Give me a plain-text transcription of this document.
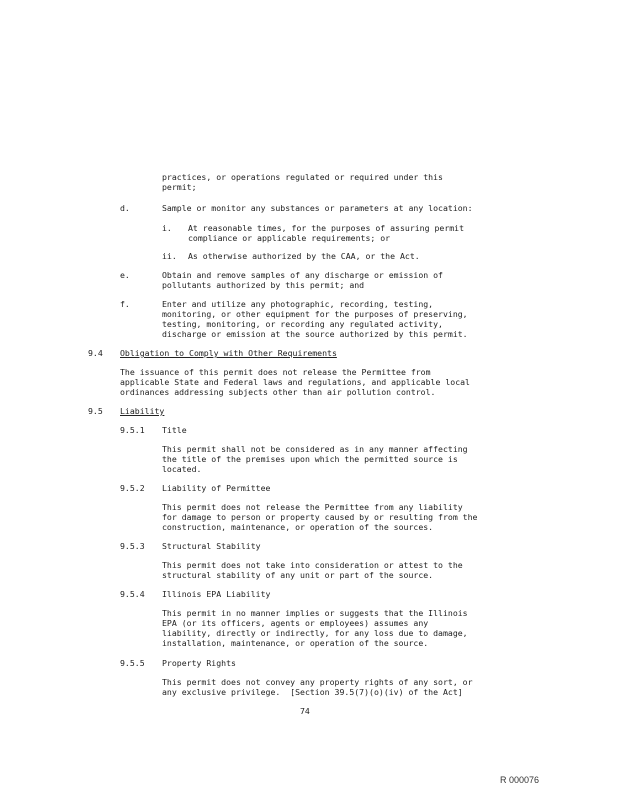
practices, or operations regulated or required under this
permit;
d.	Sample or monitor any substances or parameters at any location:
i. At reasonable times, for the purposes of assuring permit
compliance or applicable requirements; or
ii. As otherwise authorized by the CAA, or the Act.
e.	Obtain and remove samples of any discharge or emission of
pollutants authorized by this permit; and
f.	Enter and utilize any photographic, recording, testing,
monitoring, or other equipment for the purposes of preserving,
testing, monitoring, or recording any regulated activity,
discharge or emission at the source authorized by this permit.
9.4 Obligation to Comply with Other Requirements
The issuance of this permit does not release the Permittee from
applicable State and Federal laws and regulations, and applicable local
ordinances addressing subjects other than air pollution control.
9.5 Liability
9.5.1 Title
This permit shall not be considered as in any manner affecting
the title of the premises upon which the permitted source is
located.
9.5.2 Liability of Permittee
This permit does not release the Permittee from any liability
for damage to person or property caused by or resulting from the
construction, maintenance, or operation of the sources.
9.5.3 Structural Stability
This permit does not take into consideration or attest to the
structural stability of any unit or part of the source.
9.5.4 Illinois EPA Liability
This permit in no manner implies or suggests that the Illinois
EPA (or its officers, agents or employees) assumes any
liability, directly or indirectly, for any loss due to damage,
installation, maintenance, or operation of the source.
9.5.5 Property Rights
This permit does not convey any property rights of any sort, or
any exclusive privilege.  [Section 39.5(7)(o)(iv) of the Act]
74
R 000076
